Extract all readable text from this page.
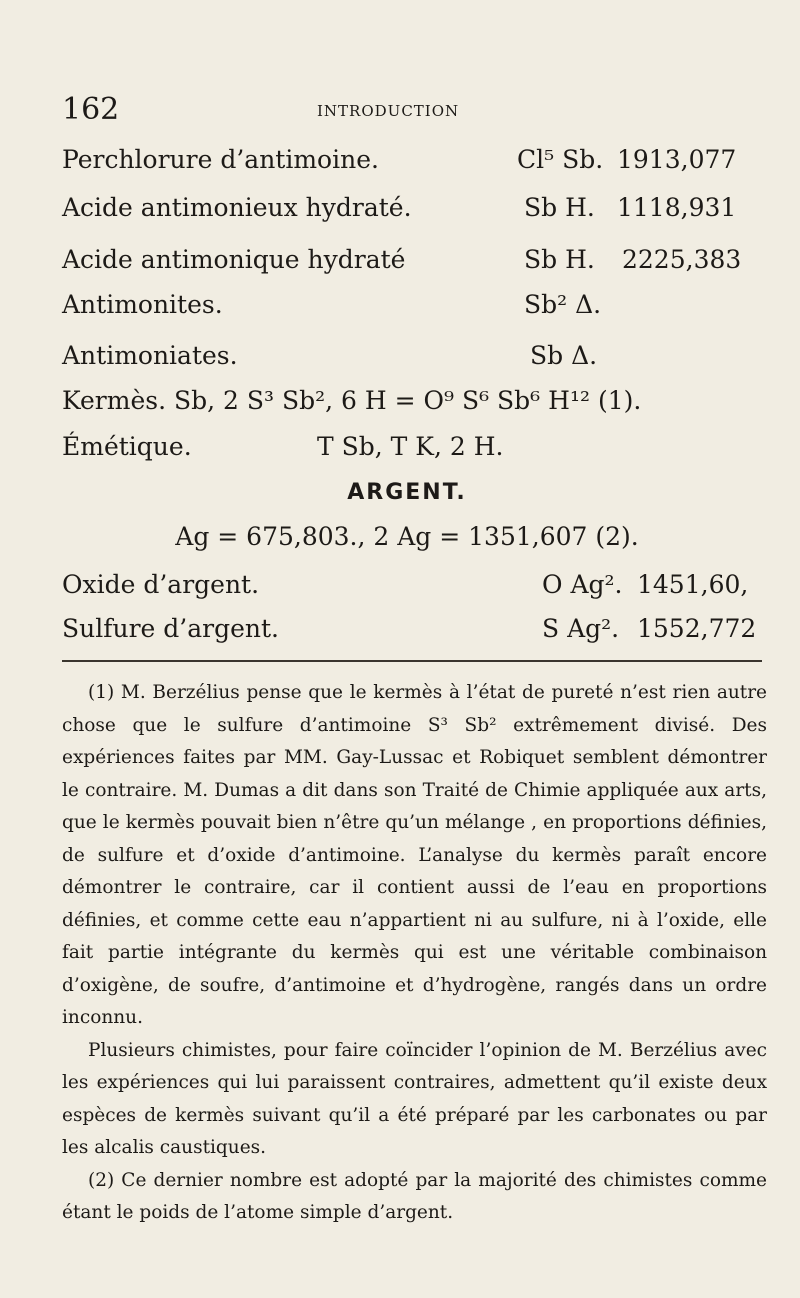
162	INTRODUCTION
Perchlorure d’antimoine.	Cl⁵ Sb. 1913,077
Acide antimonieux hydraté.	Sb H. 1118,931
Acide antimonique hydraté	Sb H. 2225,383
Antimonites.	Sb² Δ.
Antimoniates.	Sb Δ.
Kermès. Sb, 2 S³ Sb², 6 H = O⁹ S⁶ Sb⁶ H¹² (1).
Émétique.	T Sb, T K, 2 H.
ARGENT.
Ag = 675,803., 2 Ag = 1351,607 (2).
Oxide d’argent.	O Ag². 1451,60,
Sulfure d’argent.	S Ag². 1552,772

(1) M. Berzélius pense que le kermès à l’état de pureté n’est rien autre chose que le sulfure d’antimoine S³ Sb² extrêmement divisé. Des expériences faites par MM. Gay-Lussac et Robiquet semblent démontrer le contraire. M. Dumas a dit dans son Traité de Chimie appliquée aux arts, que le kermès pouvait bien n’être qu’un mélange , en proportions définies, de sulfure et d’oxide d’antimoine. L’analyse du kermès paraît encore démontrer le contraire, car il contient aussi de l’eau en proportions définies, et comme cette eau n’appartient ni au sulfure, ni à l’oxide, elle fait partie intégrante du kermès qui est une véritable combinaison d’oxigène, de soufre, d’antimoine et d’hydrogène, rangés dans un ordre inconnu.

Plusieurs chimistes, pour faire coïncider l’opinion de M. Berzélius avec les expériences qui lui paraissent contraires, admettent qu’il existe deux espèces de kermès suivant qu’il a été préparé par les carbonates ou par les alcalis caustiques.

(2) Ce dernier nombre est adopté par la majorité des chimistes comme étant le poids de l’atome simple d’argent.
